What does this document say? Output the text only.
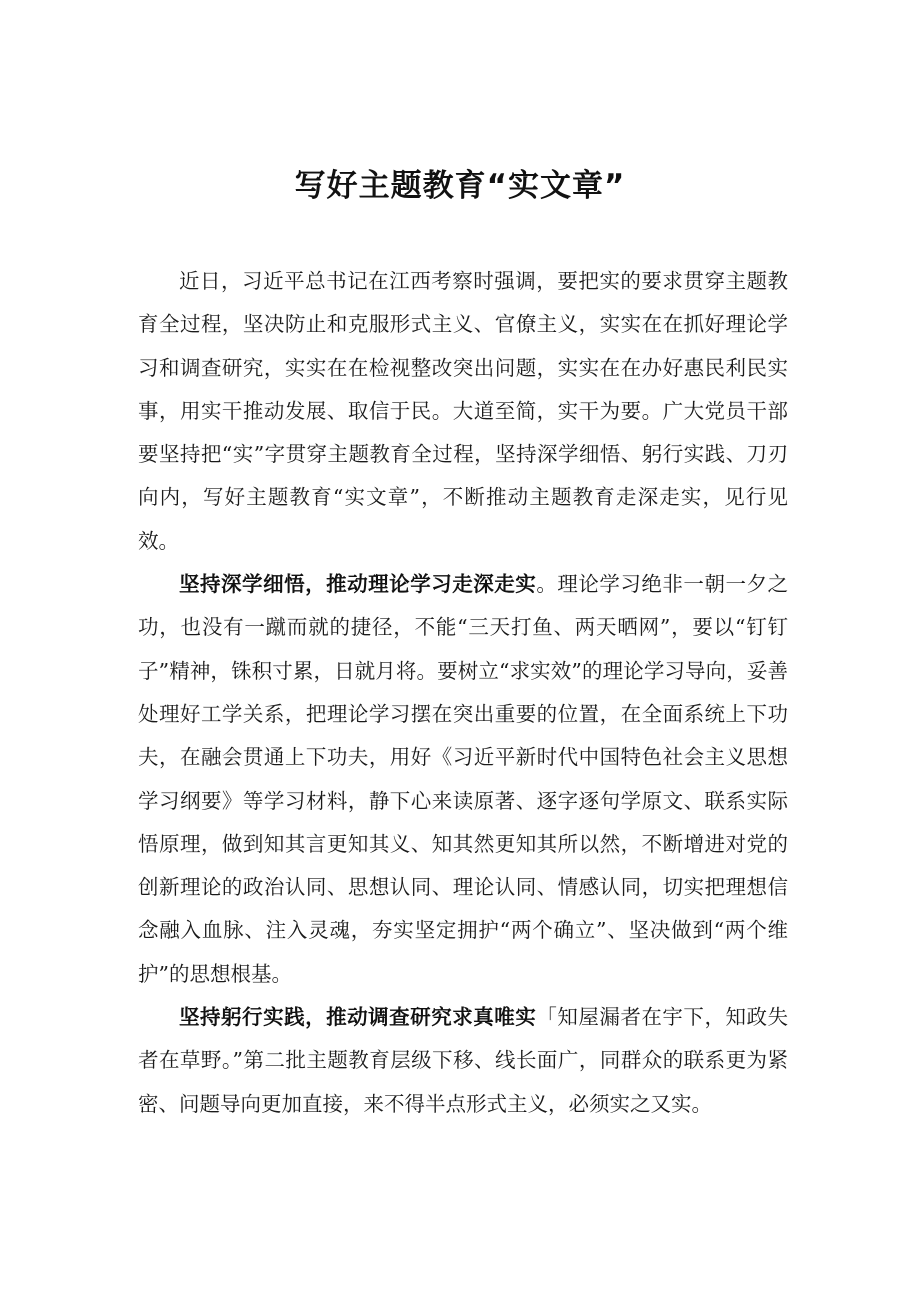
写好主题教育“实文章”

近日，习近平总书记在江西考察时强调，要把实的要求贯穿主题教育全过程，坚决防止和克服形式主义、官僚主义，实实在在抓好理论学习和调查研究，实实在在检视整改突出问题，实实在在办好惠民利民实事，用实干推动发展、取信于民。大道至简，实干为要。广大党员干部要坚持把“实”字贯穿主题教育全过程，坚持深学细悟、躬行实践、刀刃向内，写好主题教育“实文章”，不断推动主题教育走深走实，见行见效。

坚持深学细悟，推动理论学习走深走实。理论学习绝非一朝一夕之功，也没有一蹴而就的捷径，不能“三天打鱼、两天晒网”，要以“钉钉子”精神，铢积寸累，日就月将。要树立“求实效”的理论学习导向，妥善处理好工学关系，把理论学习摆在突出重要的位置，在全面系统上下功夫，在融会贯通上下功夫，用好《习近平新时代中国特色社会主义思想学习纲要》等学习材料，静下心来读原著、逐字逐句学原文、联系实际悟原理，做到知其言更知其义、知其然更知其所以然，不断增进对党的创新理论的政治认同、思想认同、理论认同、情感认同，切实把理想信念融入血脉、注入灵魂，夯实坚定拥护“两个确立”、坚决做到“两个维护”的思想根基。

坚持躬行实践，推动调查研究求真唯实「知屋漏者在宇下，知政失者在草野。”第二批主题教育层级下移、线长面广，同群众的联系更为紧密、问题导向更加直接，来不得半点形式主义，必须实之又实。
